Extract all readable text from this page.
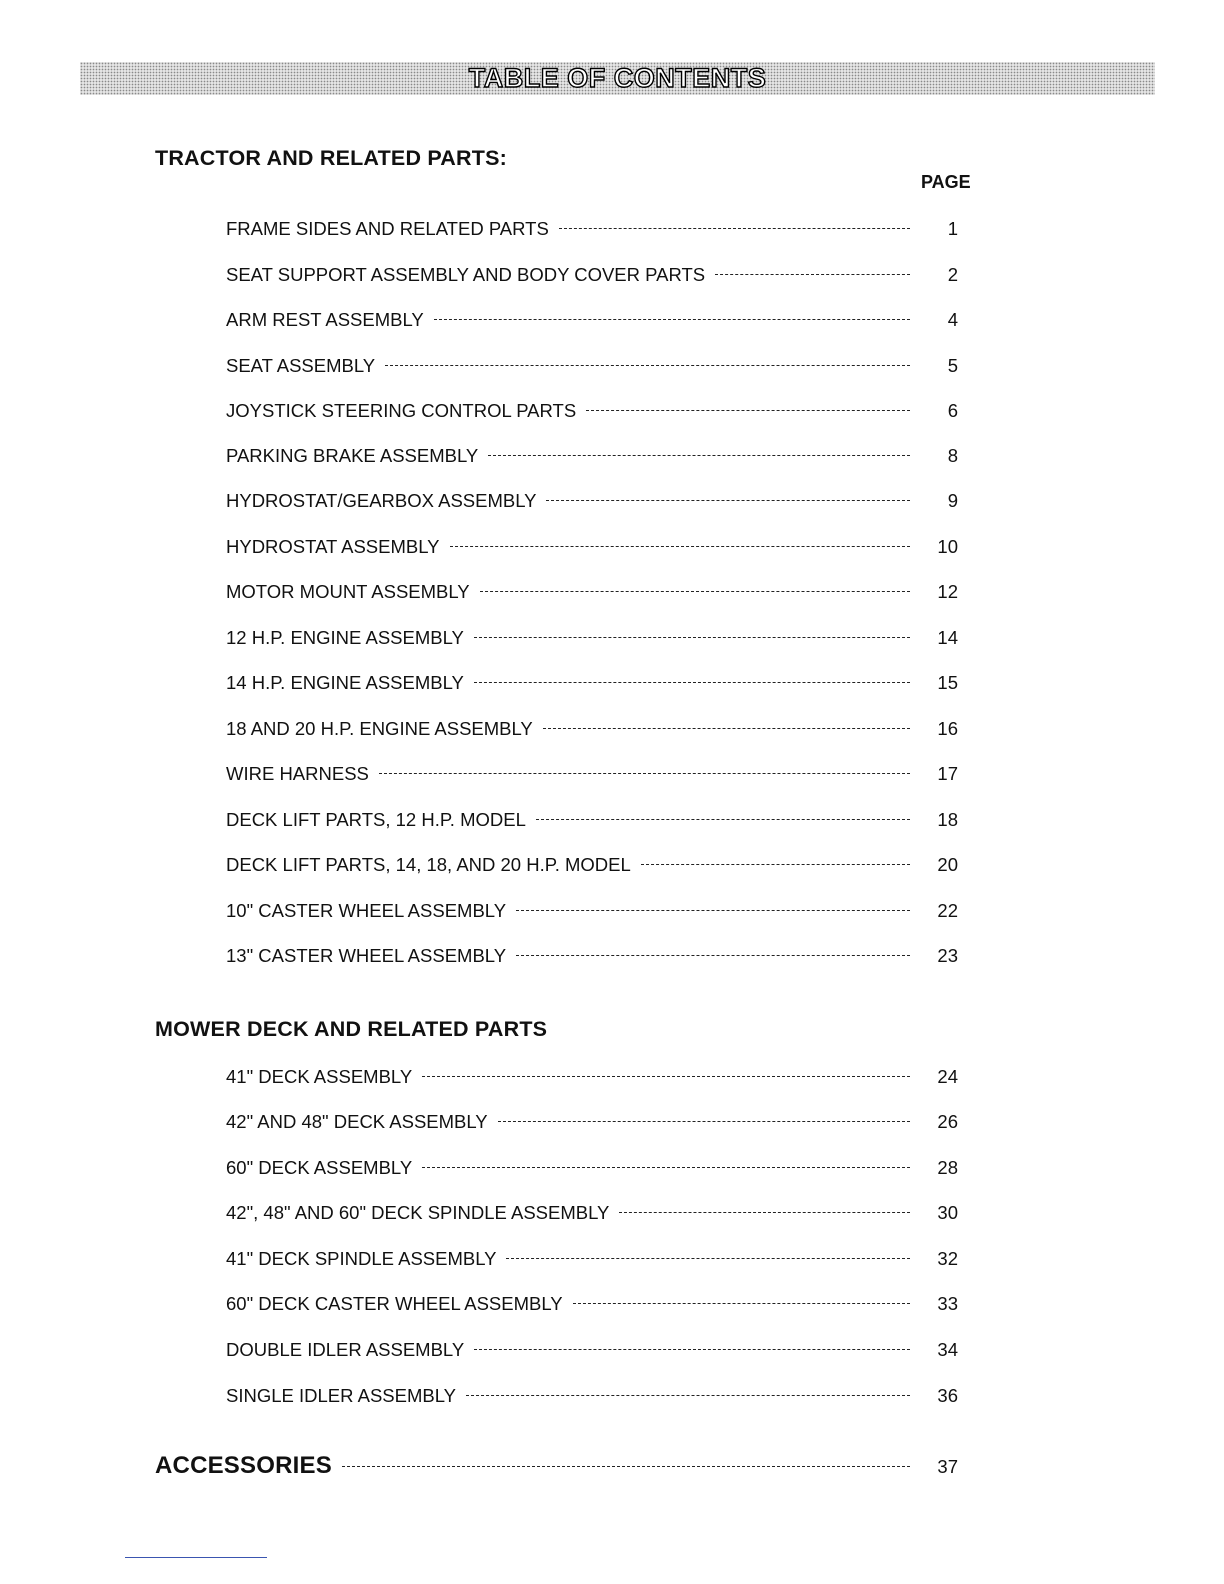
TABLE OF CONTENTS
TRACTOR AND RELATED PARTS:
PAGE
FRAME SIDES AND RELATED PARTS	1
SEAT SUPPORT ASSEMBLY AND BODY COVER PARTS	2
ARM REST ASSEMBLY	4
SEAT ASSEMBLY	5
JOYSTICK STEERING CONTROL PARTS	6
PARKING BRAKE ASSEMBLY	8
HYDROSTAT/GEARBOX ASSEMBLY	9
HYDROSTAT ASSEMBLY	10
MOTOR MOUNT ASSEMBLY	12
12 H.P. ENGINE ASSEMBLY	14
14 H.P. ENGINE ASSEMBLY	15
18 AND 20 H.P. ENGINE ASSEMBLY	16
WIRE HARNESS	17
DECK LIFT PARTS, 12 H.P. MODEL	18
DECK LIFT PARTS, 14, 18, AND 20 H.P. MODEL	20
10" CASTER WHEEL ASSEMBLY	22
13" CASTER WHEEL ASSEMBLY	23
MOWER DECK AND RELATED PARTS
41" DECK ASSEMBLY	24
42" AND 48" DECK ASSEMBLY	26
60" DECK ASSEMBLY	28
42", 48" AND 60" DECK SPINDLE ASSEMBLY	30
41" DECK SPINDLE ASSEMBLY	32
60" DECK CASTER WHEEL ASSEMBLY	33
DOUBLE IDLER ASSEMBLY	34
SINGLE IDLER ASSEMBLY	36
ACCESSORIES	37
